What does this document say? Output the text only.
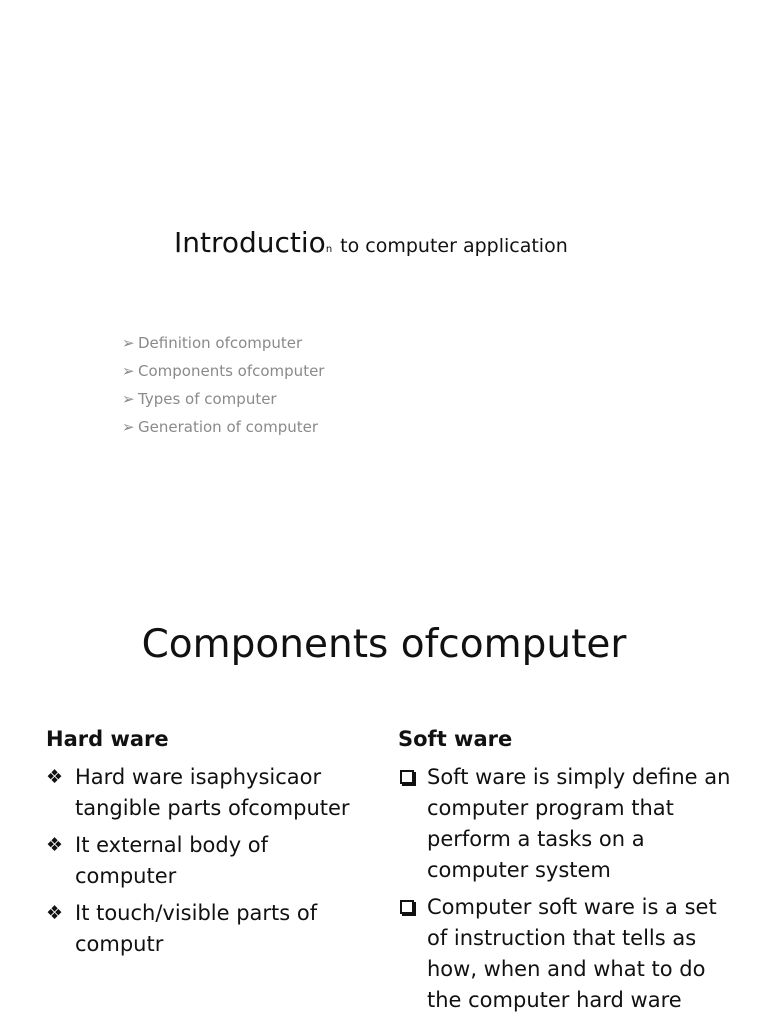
Introduction to computer application
➢ Definition ofcomputer
➢ Components ofcomputer
➢ Types of computer
➢ Generation of computer
Components ofcomputer
Hard ware
❖ Hard ware isaphysicaor tangible parts ofcomputer
❖ It external body of computer
❖ It touch/visible parts of computr
Soft ware
Soft ware is simply define an computer program that perform a tasks on a computer system
Computer soft ware is a set of instruction that tells as how, when and what to do the computer hard ware
